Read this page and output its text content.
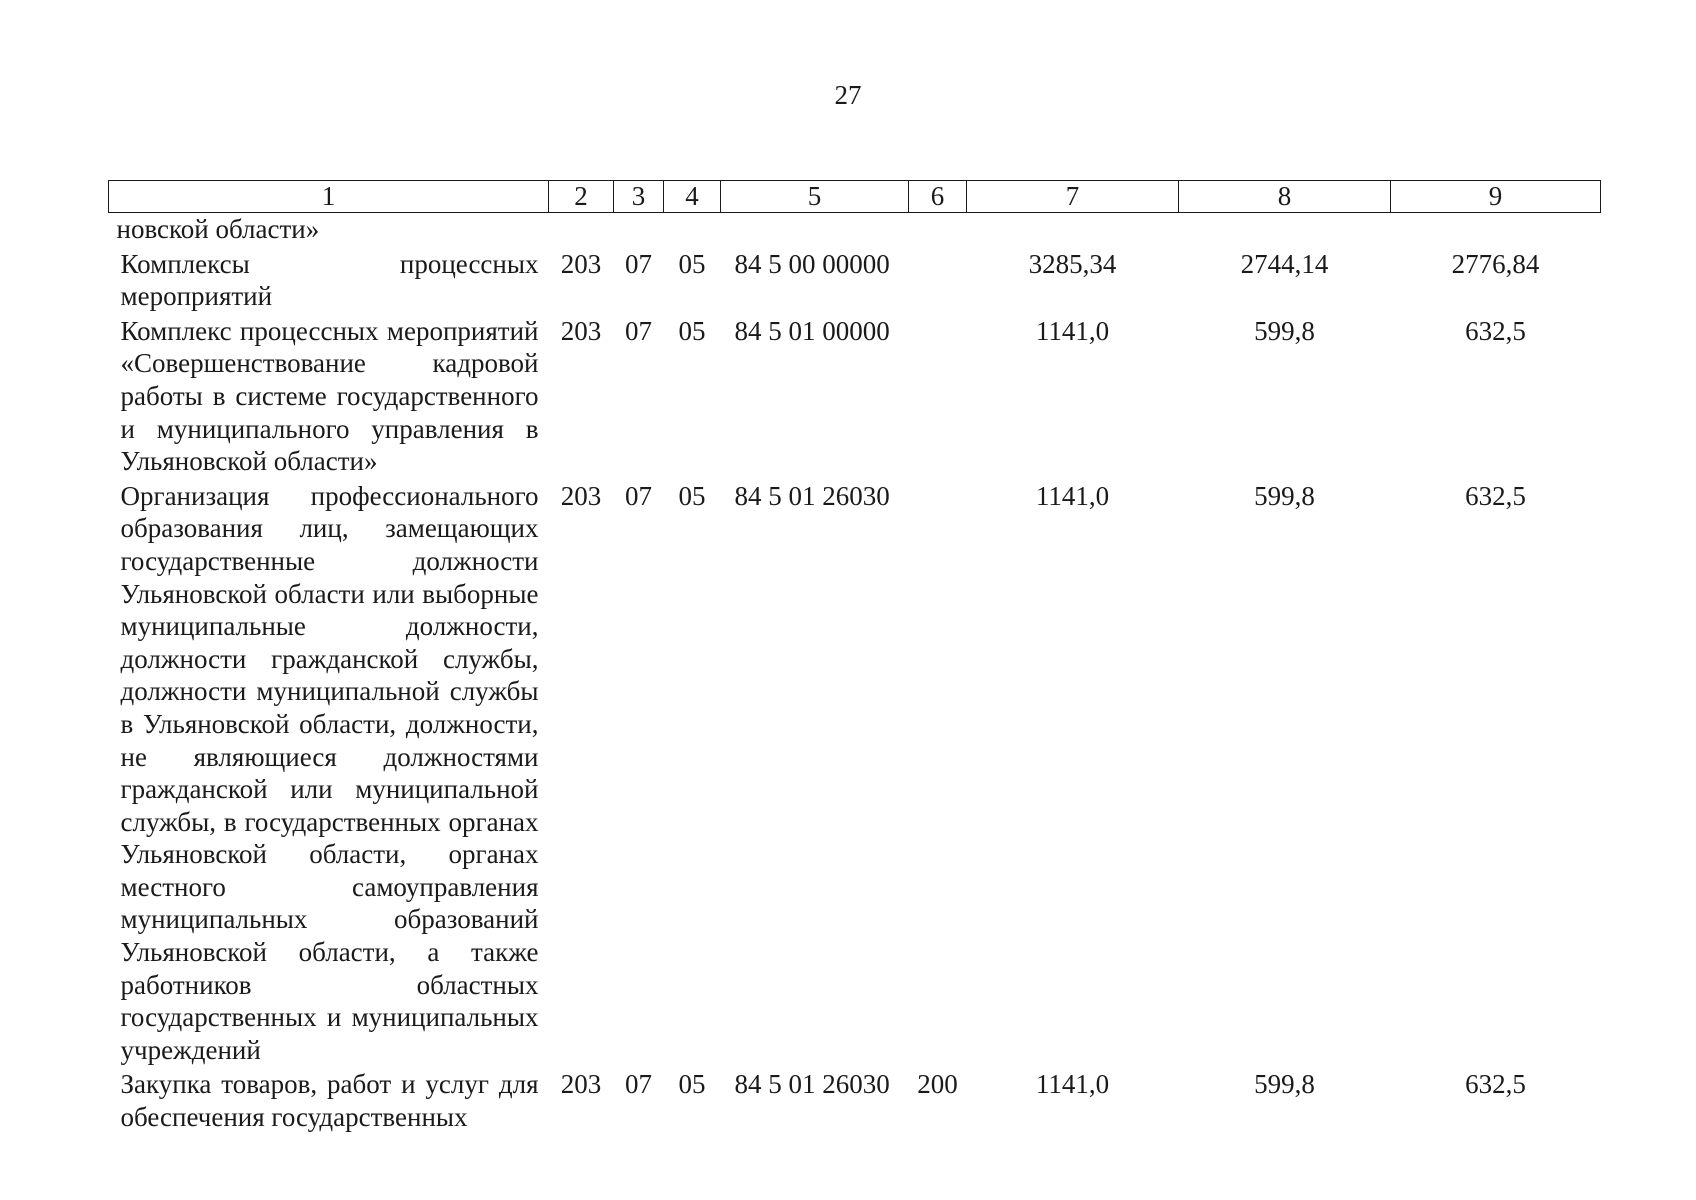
27
1	2	3	4	5	6	7	8	9
новской области»								
Комплексы процессных мероприятий	203	07	05	84 5 00 00000		3285,34	2744,14	2776,84
Комплекс процессных мероприятий «Совершенствование кадровой работы в системе государственного и муниципального управления в Ульяновской области»	203	07	05	84 5 01 00000		1141,0	599,8	632,5
Организация профессионального образования лиц, замещающих государственные должности Ульяновской области или выборные муниципальные должности, должности гражданской службы, должности муниципальной службы в Ульяновской области, должности, не являющиеся должностями гражданской или муниципальной службы, в государственных органах Ульяновской области, органах местного самоуправления муниципальных образований Ульяновской области, а также работников областных государственных и муниципальных учреждений	203	07	05	84 5 01 26030		1141,0	599,8	632,5
Закупка товаров, работ и услуг для обеспечения государственных	203	07	05	84 5 01 26030	200	1141,0	599,8	632,5
